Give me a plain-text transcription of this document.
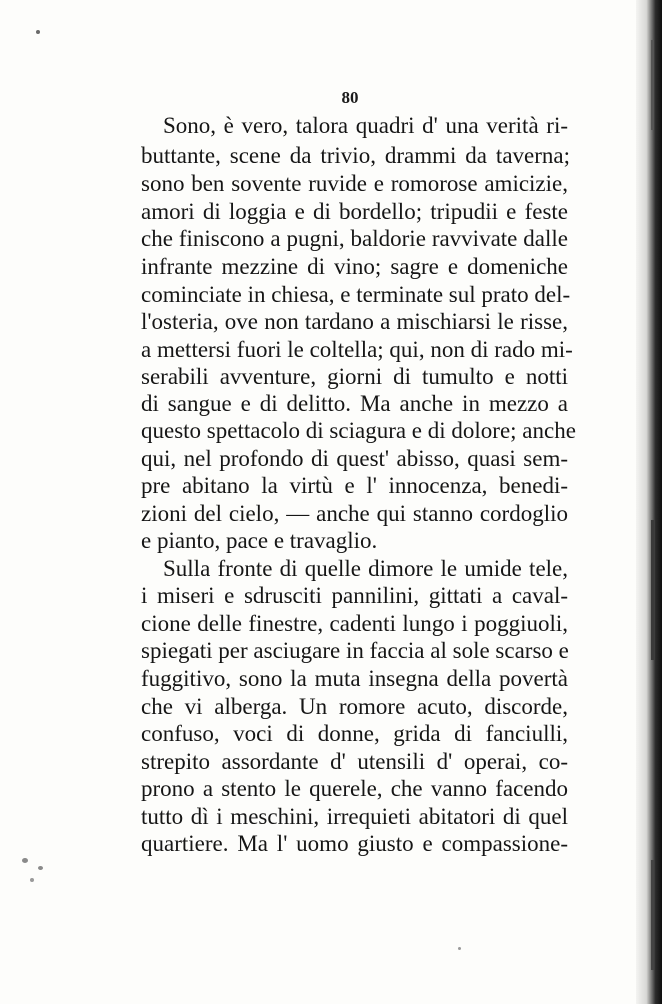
80
Sono, è vero, talora quadri d' una verità ri-
buttante, scene da trivio, drammi da taverna;
sono ben sovente ruvide e romorose amicizie,
amori di loggia e di bordello; tripudii e feste
che finiscono a pugni, baldorie ravvivate dalle
infrante mezzine di vino; sagre e domeniche
cominciate in chiesa, e terminate sul prato del-
l'osteria, ove non tardano a mischiarsi le risse,
a mettersi fuori le coltella; qui, non di rado mi-
serabili avventure, giorni di tumulto e notti
di sangue e di delitto. Ma anche in mezzo a
questo spettacolo di sciagura e di dolore; anche
qui, nel profondo di quest' abisso, quasi sem-
pre abitano la virtù e l' innocenza, benedi-
zioni del cielo, — anche qui stanno cordoglio
e pianto, pace e travaglio.
Sulla fronte di quelle dimore le umide tele,
i miseri e sdrusciti pannilini, gittati a caval-
cione delle finestre, cadenti lungo i poggiuoli,
spiegati per asciugare in faccia al sole scarso e
fuggitivo, sono la muta insegna della povertà
che vi alberga. Un romore acuto, discorde,
confuso, voci di donne, grida di fanciulli,
strepito assordante d' utensili d' operai, co-
prono a stento le querele, che vanno facendo
tutto dì i meschini, irrequieti abitatori di quel
quartiere. Ma l' uomo giusto e compassione-
